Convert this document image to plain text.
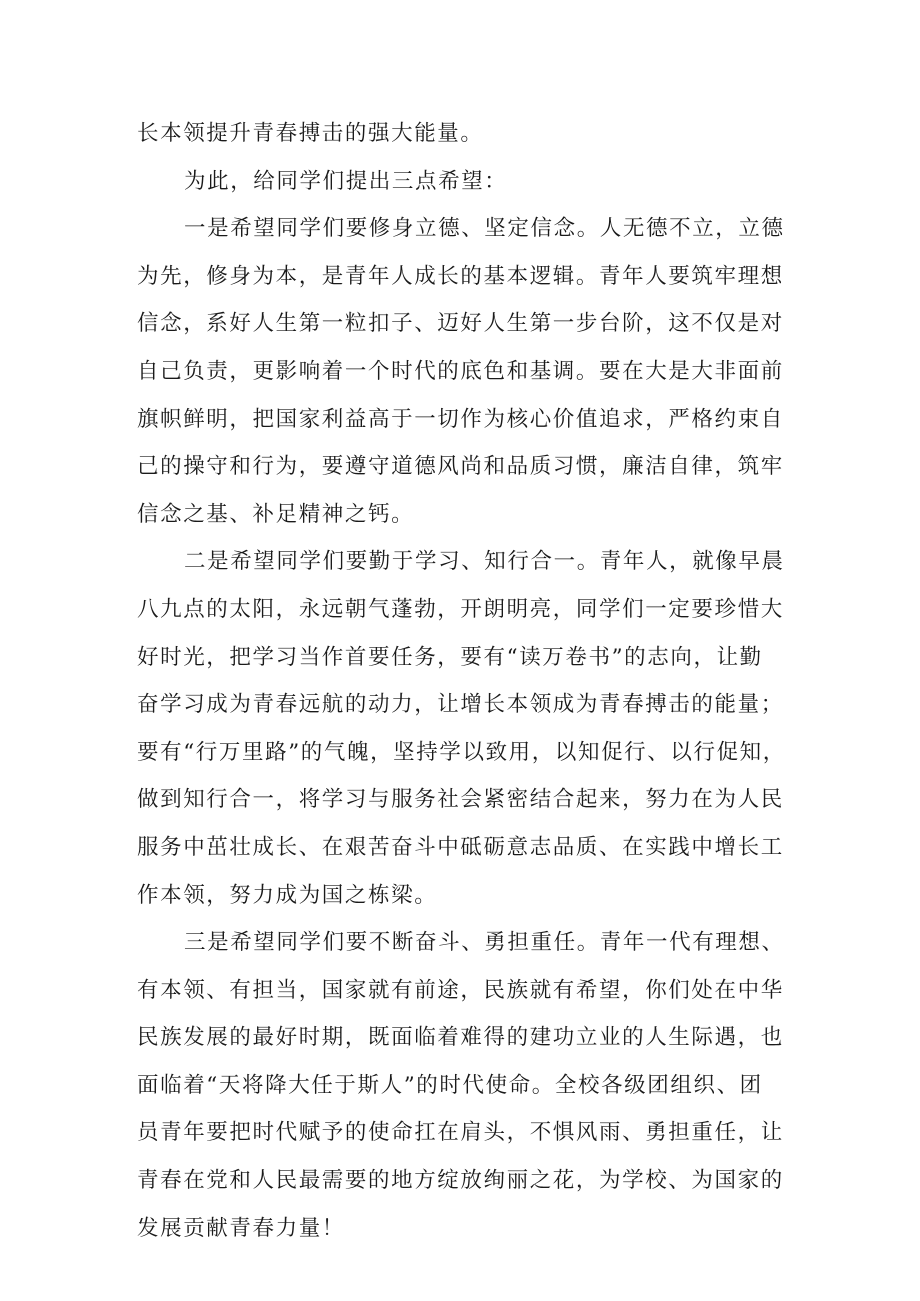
长本领提升青春搏击的强大能量。
为此，给同学们提出三点希望：
一是希望同学们要修身立德、坚定信念。人无德不立，立德
为先，修身为本，是青年人成长的基本逻辑。青年人要筑牢理想
信念，系好人生第一粒扣子、迈好人生第一步台阶，这不仅是对
自己负责，更影响着一个时代的底色和基调。要在大是大非面前
旗帜鲜明，把国家利益高于一切作为核心价值追求，严格约束自
己的操守和行为，要遵守道德风尚和品质习惯，廉洁自律，筑牢
信念之基、补足精神之钙。
二是希望同学们要勤于学习、知行合一。青年人，就像早晨
八九点的太阳，永远朝气蓬勃，开朗明亮，同学们一定要珍惜大
好时光，把学习当作首要任务，要有“读万卷书”的志向，让勤
奋学习成为青春远航的动力，让增长本领成为青春搏击的能量；
要有“行万里路”的气魄，坚持学以致用，以知促行、以行促知，
做到知行合一，将学习与服务社会紧密结合起来，努力在为人民
服务中茁壮成长、在艰苦奋斗中砥砺意志品质、在实践中增长工
作本领，努力成为国之栋梁。
三是希望同学们要不断奋斗、勇担重任。青年一代有理想、
有本领、有担当，国家就有前途，民族就有希望，你们处在中华
民族发展的最好时期，既面临着难得的建功立业的人生际遇，也
面临着“天将降大任于斯人”的时代使命。全校各级团组织、团
员青年要把时代赋予的使命扛在肩头，不惧风雨、勇担重任，让
青春在党和人民最需要的地方绽放绚丽之花，为学校、为国家的
发展贡献青春力量！
